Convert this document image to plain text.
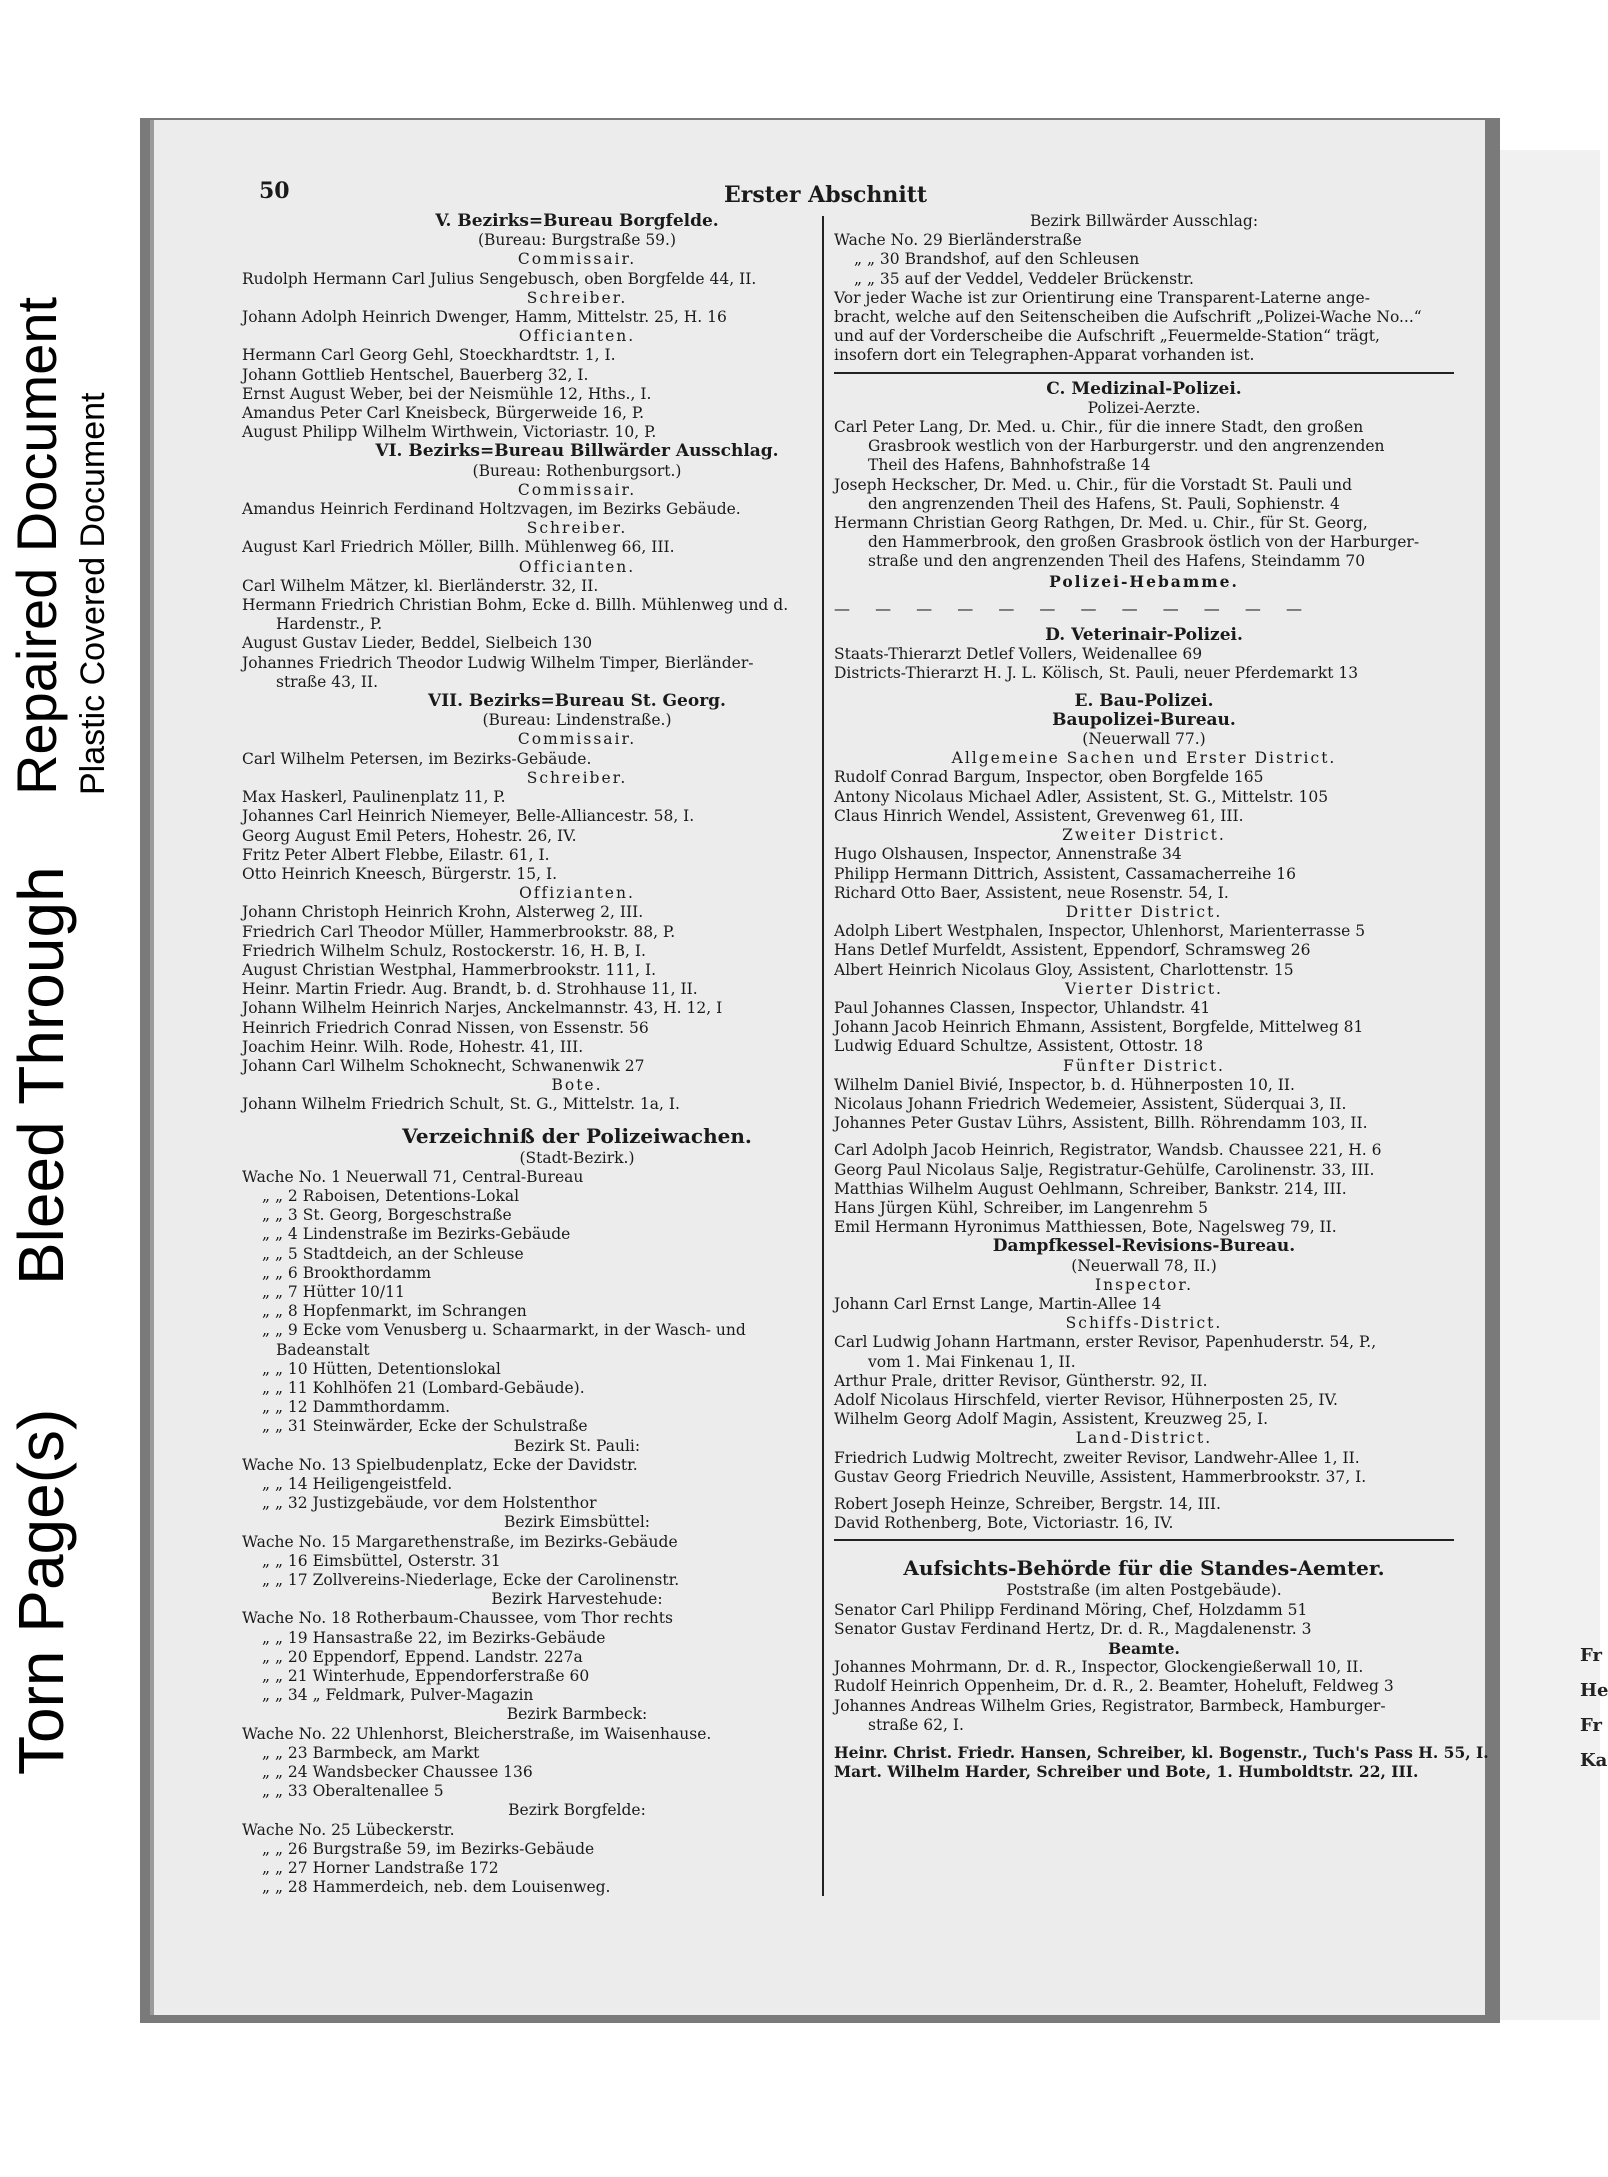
Torn Page(s)
Bleed Through
Repaired Document Plastic Covered Document
Fr
He
Fr
Ka
50	Erster Abschnitt
V. Bezirks=Bureau Borgfelde.
(Bureau: Burgstraße 59.)
Commissair.
Rudolph Hermann Carl Julius Sengebusch, oben Borgfelde 44, II.
Schreiber.
Johann Adolph Heinrich Dwenger, Hamm, Mittelstr. 25, H. 16
Officianten.
Hermann Carl Georg Gehl, Stoeckhardtstr. 1, I.
Johann Gottlieb Hentschel, Bauerberg 32, I.
Ernst August Weber, bei der Neismühle 12, Hths., I.
Amandus Peter Carl Kneisbeck, Bürgerweide 16, P.
August Philipp Wilhelm Wirthwein, Victoriastr. 10, P.
VI. Bezirks=Bureau Billwärder Ausschlag.
(Bureau: Rothenburgsort.)
Commissair.
Amandus Heinrich Ferdinand Holtzvagen, im Bezirks Gebäude.
Schreiber.
August Karl Friedrich Möller, Billh. Mühlenweg 66, III.
Officianten.
Carl Wilhelm Mätzer, kl. Bierländerstr. 32, II.
Hermann Friedrich Christian Bohm, Ecke d. Billh. Mühlenweg und d.
Hardenstr., P.
August Gustav Lieder, Beddel, Sielbeich 130
Johannes Friedrich Theodor Ludwig Wilhelm Timper, Bierländer-
straße 43, II.
VII. Bezirks=Bureau St. Georg.
(Bureau: Lindenstraße.)
Commissair.
Carl Wilhelm Petersen, im Bezirks-Gebäude.
Schreiber.
Max Haskerl, Paulinenplatz 11, P.
Johannes Carl Heinrich Niemeyer, Belle-Alliancestr. 58, I.
Georg August Emil Peters, Hohestr. 26, IV.
Fritz Peter Albert Flebbe, Eilastr. 61, I.
Otto Heinrich Kneesch, Bürgerstr. 15, I.
Offizianten.
Johann Christoph Heinrich Krohn, Alsterweg 2, III.
Friedrich Carl Theodor Müller, Hammerbrookstr. 88, P.
Friedrich Wilhelm Schulz, Rostockerstr. 16, H. B, I.
August Christian Westphal, Hammerbrookstr. 111, I.
Heinr. Martin Friedr. Aug. Brandt, b. d. Strohhause 11, II.
Johann Wilhelm Heinrich Narjes, Anckelmannstr. 43, H. 12, I
Heinrich Friedrich Conrad Nissen, von Essenstr. 56
Joachim Heinr. Wilh. Rode, Hohestr. 41, III.
Johann Carl Wilhelm Schoknecht, Schwanenwik 27
Bote.
Johann Wilhelm Friedrich Schult, St. G., Mittelstr. 1a, I.
Verzeichniß der Polizeiwachen.
(Stadt-Bezirk.)
Wache No. 1 Neuerwall 71, Central-Bureau
„ „ 2 Raboisen, Detentions-Lokal
„ „ 3 St. Georg, Borgeschstraße
„ „ 4 Lindenstraße im Bezirks-Gebäude
„ „ 5 Stadtdeich, an der Schleuse
„ „ 6 Brookthordamm
„ „ 7 Hütter 10/11
„ „ 8 Hopfenmarkt, im Schrangen
„ „ 9 Ecke vom Venusberg u. Schaarmarkt, in der Wasch- und
Badeanstalt
„ „ 10 Hütten, Detentionslokal
„ „ 11 Kohlhöfen 21 (Lombard-Gebäude).
„ „ 12 Dammthordamm.
„ „ 31 Steinwärder, Ecke der Schulstraße
Bezirk St. Pauli:
Wache No. 13 Spielbudenplatz, Ecke der Davidstr.
„ „ 14 Heiligengeistfeld.
„ „ 32 Justizgebäude, vor dem Holstenthor
Bezirk Eimsbüttel:
Wache No. 15 Margarethenstraße, im Bezirks-Gebäude
„ „ 16 Eimsbüttel, Osterstr. 31
„ „ 17 Zollvereins-Niederlage, Ecke der Carolinenstr.
Bezirk Harvestehude:
Wache No. 18 Rotherbaum-Chaussee, vom Thor rechts
„ „ 19 Hansastraße 22, im Bezirks-Gebäude
„ „ 20 Eppendorf, Eppend. Landstr. 227a
„ „ 21 Winterhude, Eppendorferstraße 60
„ „ 34 „ Feldmark, Pulver-Magazin
Bezirk Barmbeck:
Wache No. 22 Uhlenhorst, Bleicherstraße, im Waisenhause.
„ „ 23 Barmbeck, am Markt
„ „ 24 Wandsbecker Chaussee 136
„ „ 33 Oberaltenallee 5
Bezirk Borgfelde:
Wache No. 25 Lübeckerstr.
„ „ 26 Burgstraße 59, im Bezirks-Gebäude
„ „ 27 Horner Landstraße 172
„ „ 28 Hammerdeich, neb. dem Louisenweg.
Bezirk Billwärder Ausschlag:
Wache No. 29 Bierländerstraße
„ „ 30 Brandshof, auf den Schleusen
„ „ 35 auf der Veddel, Veddeler Brückenstr.
Vor jeder Wache ist zur Orientirung eine Transparent-Laterne ange-
bracht, welche auf den Seitenscheiben die Aufschrift „Polizei-Wache No...“
und auf der Vorderscheibe die Aufschrift „Feuermelde-Station“ trägt,
insofern dort ein Telegraphen-Apparat vorhanden ist.
C. Medizinal-Polizei.
Polizei-Aerzte.
Carl Peter Lang, Dr. Med. u. Chir., für die innere Stadt, den großen
Grasbrook westlich von der Harburgerstr. und den angrenzenden
Theil des Hafens, Bahnhofstraße 14
Joseph Heckscher, Dr. Med. u. Chir., für die Vorstadt St. Pauli und
den angrenzenden Theil des Hafens, St. Pauli, Sophienstr. 4
Hermann Christian Georg Rathgen, Dr. Med. u. Chir., für St. Georg,
den Hammerbrook, den großen Grasbrook östlich von der Harburger-
straße und den angrenzenden Theil des Hafens, Steindamm 70
Polizei-Hebamme.
— — — — — — — — — — — —
D. Veterinair-Polizei.
Staats-Thierarzt Detlef Vollers, Weidenallee 69
Districts-Thierarzt H. J. L. Kölisch, St. Pauli, neuer Pferdemarkt 13
E. Bau-Polizei.
Baupolizei-Bureau.
(Neuerwall 77.)
Allgemeine Sachen und Erster District.
Rudolf Conrad Bargum, Inspector, oben Borgfelde 165
Antony Nicolaus Michael Adler, Assistent, St. G., Mittelstr. 105
Claus Hinrich Wendel, Assistent, Grevenweg 61, III.
Zweiter District.
Hugo Olshausen, Inspector, Annenstraße 34
Philipp Hermann Dittrich, Assistent, Cassamacherreihe 16
Richard Otto Baer, Assistent, neue Rosenstr. 54, I.
Dritter District.
Adolph Libert Westphalen, Inspector, Uhlenhorst, Marienterrasse 5
Hans Detlef Murfeldt, Assistent, Eppendorf, Schramsweg 26
Albert Heinrich Nicolaus Gloy, Assistent, Charlottenstr. 15
Vierter District.
Paul Johannes Classen, Inspector, Uhlandstr. 41
Johann Jacob Heinrich Ehmann, Assistent, Borgfelde, Mittelweg 81
Ludwig Eduard Schultze, Assistent, Ottostr. 18
Fünfter District.
Wilhelm Daniel Bivié, Inspector, b. d. Hühnerposten 10, II.
Nicolaus Johann Friedrich Wedemeier, Assistent, Süderquai 3, II.
Johannes Peter Gustav Lührs, Assistent, Billh. Röhrendamm 103, II.
Carl Adolph Jacob Heinrich, Registrator, Wandsb. Chaussee 221, H. 6
Georg Paul Nicolaus Salje, Registratur-Gehülfe, Carolinenstr. 33, III.
Matthias Wilhelm August Oehlmann, Schreiber, Bankstr. 214, III.
Hans Jürgen Kühl, Schreiber, im Langenrehm 5
Emil Hermann Hyronimus Matthiessen, Bote, Nagelsweg 79, II.
Dampfkessel-Revisions-Bureau.
(Neuerwall 78, II.)
Inspector.
Johann Carl Ernst Lange, Martin-Allee 14
Schiffs-District.
Carl Ludwig Johann Hartmann, erster Revisor, Papenhuderstr. 54, P.,
vom 1. Mai Finkenau 1, II.
Arthur Prale, dritter Revisor, Güntherstr. 92, II.
Adolf Nicolaus Hirschfeld, vierter Revisor, Hühnerposten 25, IV.
Wilhelm Georg Adolf Magin, Assistent, Kreuzweg 25, I.
Land-District.
Friedrich Ludwig Moltrecht, zweiter Revisor, Landwehr-Allee 1, II.
Gustav Georg Friedrich Neuville, Assistent, Hammerbrookstr. 37, I.
Robert Joseph Heinze, Schreiber, Bergstr. 14, III.
David Rothenberg, Bote, Victoriastr. 16, IV.
Aufsichts-Behörde für die Standes-Aemter.
Poststraße (im alten Postgebäude).
Senator Carl Philipp Ferdinand Möring, Chef, Holzdamm 51
Senator Gustav Ferdinand Hertz, Dr. d. R., Magdalenenstr. 3
Beamte.
Johannes Mohrmann, Dr. d. R., Inspector, Glockengießerwall 10, II.
Rudolf Heinrich Oppenheim, Dr. d. R., 2. Beamter, Hoheluft, Feldweg 3
Johannes Andreas Wilhelm Gries, Registrator, Barmbeck, Hamburger-
straße 62, I.
Heinr. Christ. Friedr. Hansen, Schreiber, kl. Bogenstr., Tuch's Pass H. 55, I.
Mart. Wilhelm Harder, Schreiber und Bote, 1. Humboldtstr. 22, III.
